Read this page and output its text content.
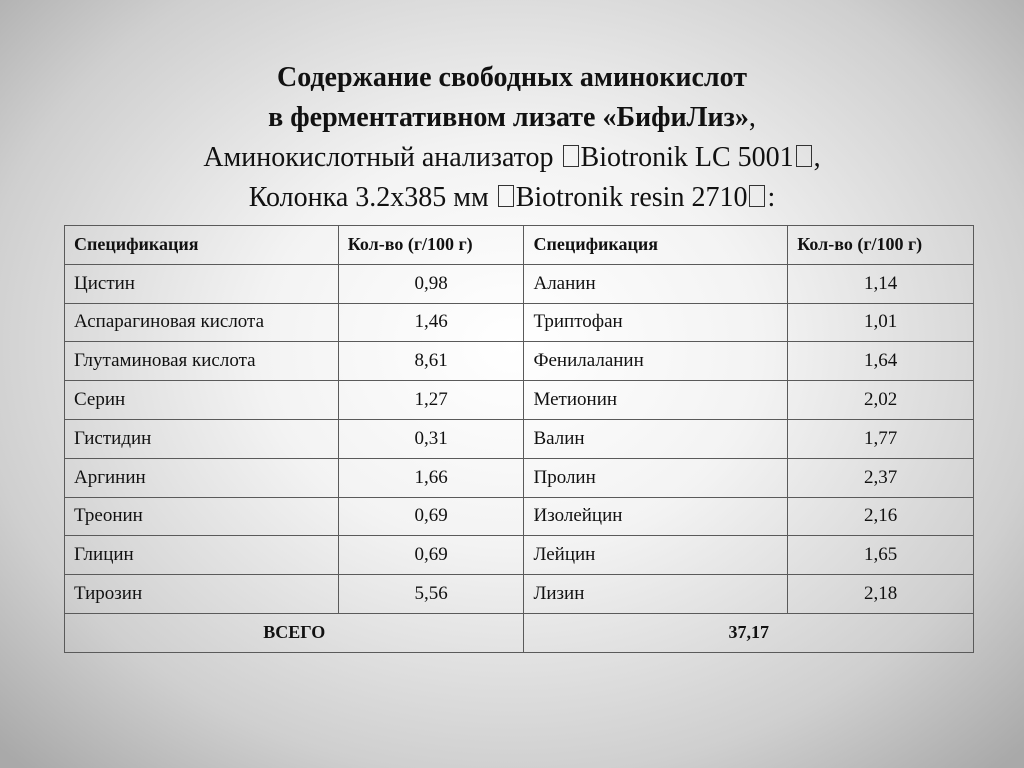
Содержание свободных аминокислот
в ферментативном лизате «БифиЛиз»,
Аминокислотный анализатор Biotronik LC 5001 ,
Колонка 3.2х385 мм Biotronik resin 2710 :
Спецификация	Кол-во (г/100 г)	Спецификация	Кол-во (г/100 г)
Цистин	0,98	Аланин	1,14
Аспарагиновая кислота	1,46	Триптофан	1,01
Глутаминовая кислота	8,61	Фенилаланин	1,64
Серин	1,27	Метионин	2,02
Гистидин	0,31	Валин	1,77
Аргинин	1,66	Пролин	2,37
Треонин	0,69	Изолейцин	2,16
Глицин	0,69	Лейцин	1,65
Тирозин	5,56	Лизин	2,18
ВСЕГО		37,17	
